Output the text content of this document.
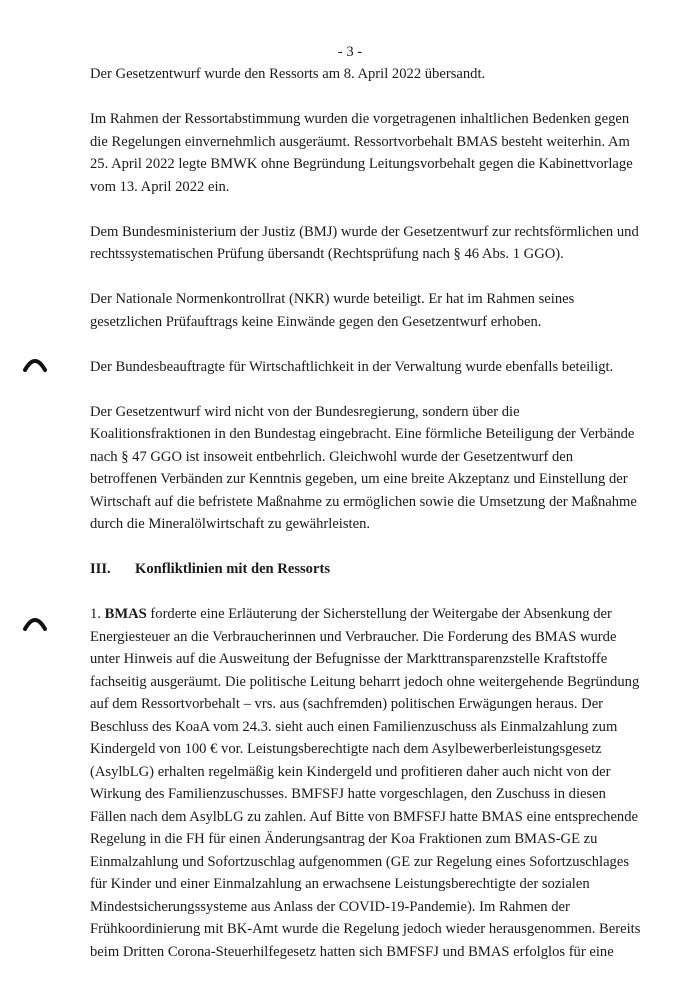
- 3 -
Der Gesetzentwurf wurde den Ressorts am 8. April 2022 übersandt.
Im Rahmen der Ressortabstimmung wurden die vorgetragenen inhaltlichen Bedenken gegen
die Regelungen einvernehmlich ausgeräumt. Ressortvorbehalt BMAS besteht weiterhin. Am
25. April 2022 legte BMWK ohne Begründung Leitungsvorbehalt gegen die Kabinettvorlage
vom 13. April 2022 ein.
Dem Bundesministerium der Justiz (BMJ) wurde der Gesetzentwurf zur rechtsförmlichen und
rechtssystematischen Prüfung übersandt (Rechtsprüfung nach § 46 Abs. 1 GGO).
Der Nationale Normenkontrollrat (NKR) wurde beteiligt. Er hat im Rahmen seines
gesetzlichen Prüfauftrags keine Einwände gegen den Gesetzentwurf erhoben.
Der Bundesbeauftragte für Wirtschaftlichkeit in der Verwaltung wurde ebenfalls beteiligt.
Der Gesetzentwurf wird nicht von der Bundesregierung, sondern über die
Koalitionsfraktionen in den Bundestag eingebracht. Eine förmliche Beteiligung der Verbände
nach § 47 GGO ist insoweit entbehrlich. Gleichwohl wurde der Gesetzentwurf den
betroffenen Verbänden zur Kenntnis gegeben, um eine breite Akzeptanz und Einstellung der
Wirtschaft auf die befristete Maßnahme zu ermöglichen sowie die Umsetzung der Maßnahme
durch die Mineralölwirtschaft zu gewährleisten.
III. Konfliktlinien mit den Ressorts
1. BMAS forderte eine Erläuterung der Sicherstellung der Weitergabe der Absenkung der
Energiesteuer an die Verbraucherinnen und Verbraucher. Die Forderung des BMAS wurde
unter Hinweis auf die Ausweitung der Befugnisse der Markttransparenzstelle Kraftstoffe
fachseitig ausgeräumt. Die politische Leitung beharrt jedoch ohne weitergehende Begründung
auf dem Ressortvorbehalt – vrs. aus (sachfremden) politischen Erwägungen heraus. Der
Beschluss des KoaA vom 24.3. sieht auch einen Familienzuschuss als Einmalzahlung zum
Kindergeld von 100 € vor. Leistungsberechtigte nach dem Asylbewerberleistungsgesetz
(AsylbLG) erhalten regelmäßig kein Kindergeld und profitieren daher auch nicht von der
Wirkung des Familienzuschusses. BMFSFJ hatte vorgeschlagen, den Zuschuss in diesen
Fällen nach dem AsylbLG zu zahlen. Auf Bitte von BMFSFJ hatte BMAS eine entsprechende
Regelung in die FH für einen Änderungsantrag der Koa Fraktionen zum BMAS-GE zu
Einmalzahlung und Sofortzuschlag aufgenommen (GE zur Regelung eines Sofortzuschlages
für Kinder und einer Einmalzahlung an erwachsene Leistungsberechtigte der sozialen
Mindestsicherungssysteme aus Anlass der COVID-19-Pandemie). Im Rahmen der
Frühkoordinierung mit BK-Amt wurde die Regelung jedoch wieder herausgenommen. Bereits
beim Dritten Corona-Steuerhilfegesetz hatten sich BMFSFJ und BMAS erfolglos für eine
